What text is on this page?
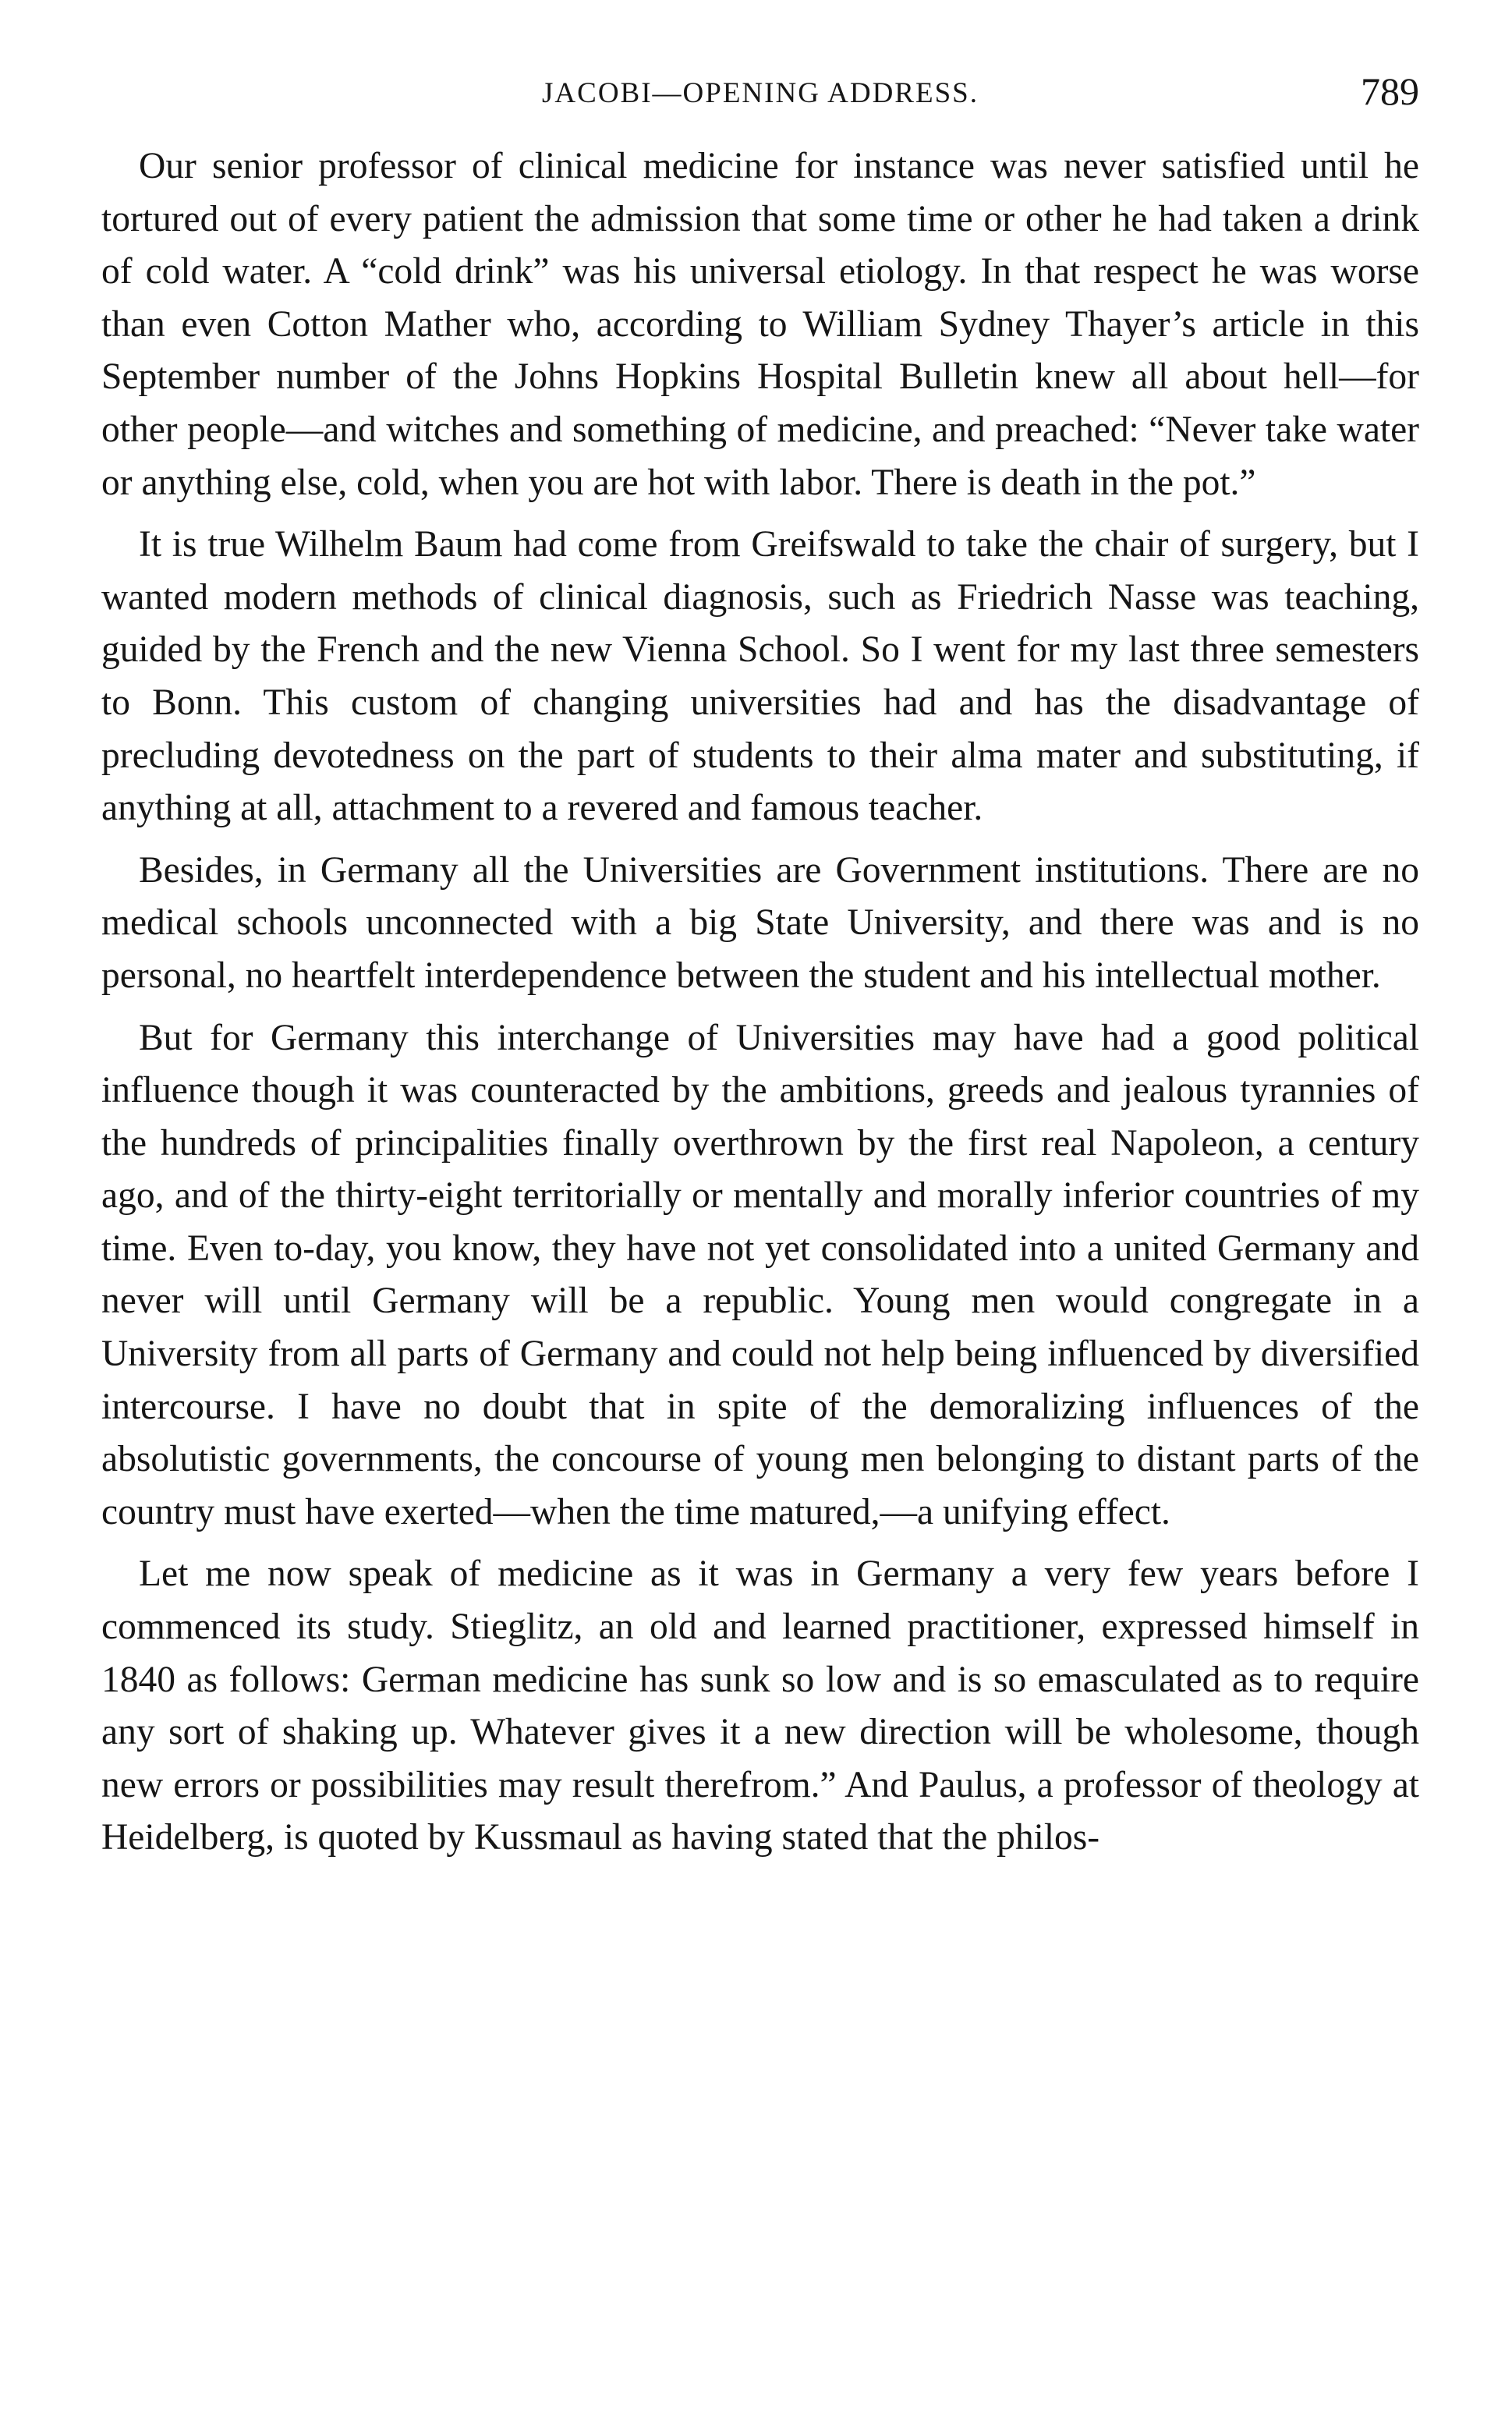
JACOBI—OPENING ADDRESS.	789

Our senior professor of clinical medicine for instance was never satisfied until he tortured out of every patient the admission that some time or other he had taken a drink of cold water. A “cold drink” was his universal etiology. In that respect he was worse than even Cotton Mather who, according to William Sydney Thayer’s article in this September number of the Johns Hopkins Hospital Bulletin knew all about hell—for other people—and witches and something of medicine, and preached: “Never take water or anything else, cold, when you are hot with labor. There is death in the pot.”

It is true Wilhelm Baum had come from Greifswald to take the chair of surgery, but I wanted modern methods of clinical diagnosis, such as Friedrich Nasse was teaching, guided by the French and the new Vienna School. So I went for my last three semesters to Bonn. This custom of changing universities had and has the disadvantage of precluding devotedness on the part of students to their alma mater and substituting, if anything at all, attachment to a revered and famous teacher.

Besides, in Germany all the Universities are Government institutions. There are no medical schools unconnected with a big State University, and there was and is no personal, no heartfelt interdependence between the student and his intellectual mother.

But for Germany this interchange of Universities may have had a good political influence though it was counteracted by the ambitions, greeds and jealous tyrannies of the hundreds of principalities finally overthrown by the first real Napoleon, a century ago, and of the thirty-eight territorially or mentally and morally inferior countries of my time. Even to-day, you know, they have not yet consolidated into a united Germany and never will until Germany will be a republic. Young men would congregate in a University from all parts of Germany and could not help being influenced by diversified intercourse. I have no doubt that in spite of the demoralizing influences of the absolutistic governments, the concourse of young men belonging to distant parts of the country must have exerted—when the time matured,—a unifying effect.

Let me now speak of medicine as it was in Germany a very few years before I commenced its study. Stieglitz, an old and learned practitioner, expressed himself in 1840 as follows: German medicine has sunk so low and is so emasculated as to require any sort of shaking up. Whatever gives it a new direction will be wholesome, though new errors or possibilities may result therefrom.” And Paulus, a professor of theology at Heidelberg, is quoted by Kussmaul as having stated that the philos-
